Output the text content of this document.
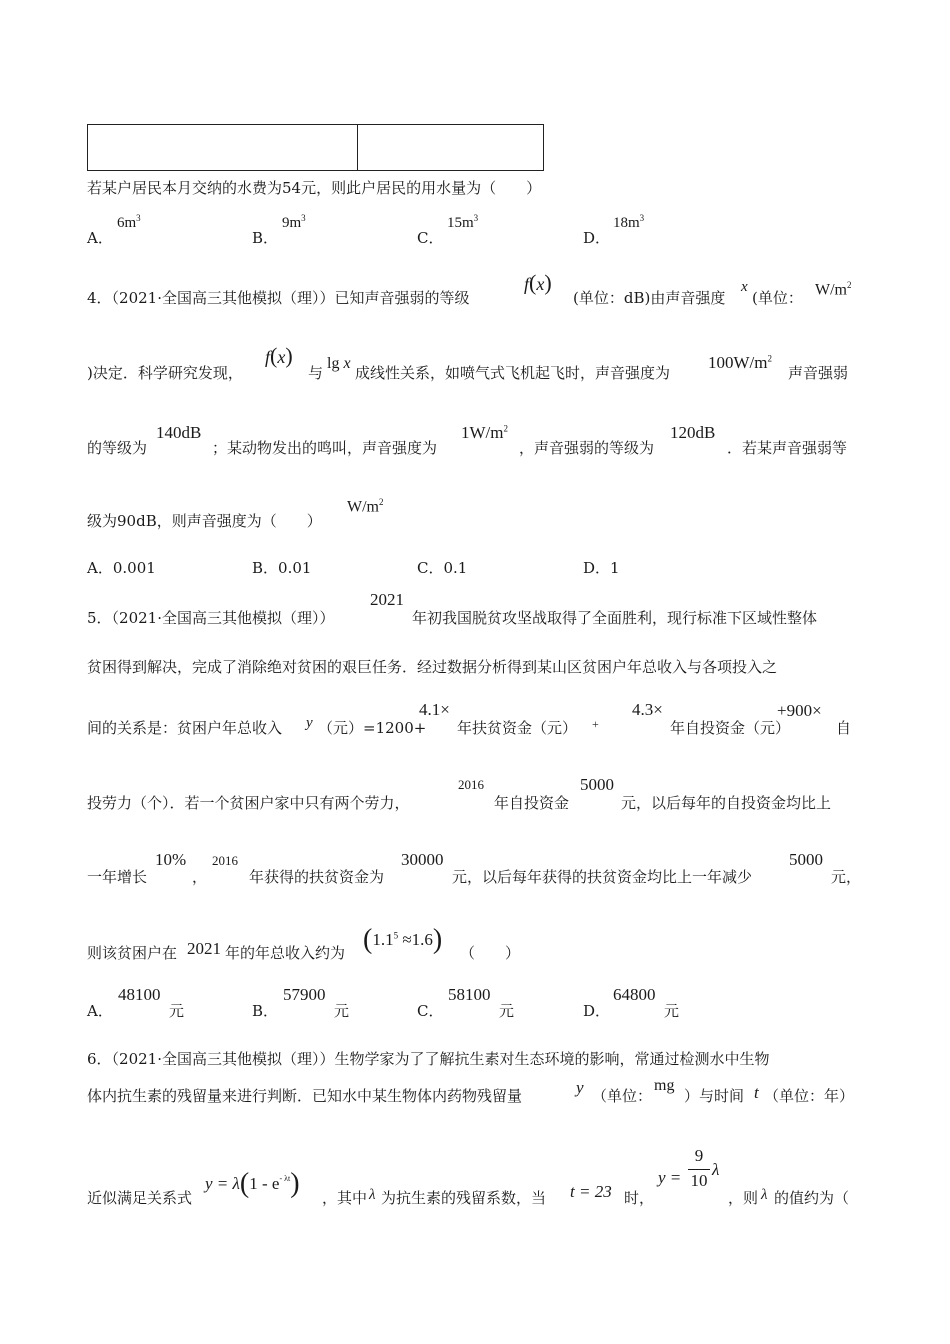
若某户居民本月交纳的水费为54元，则此户居民的用水量为（　　）
A．
$6m^3$
B．
$9m^3$
C．
$15m^3$
D．
$18m^3$
4．（2021·全国高三其他模拟（理））已知声音强弱的等级
f(x)
(单位：dB)由声音强度
x
(单位： $W/m^2$
)决定．科学研究发现，
f(x)
与
lg x
成线性关系，如喷气式飞机起飞时，声音强度为
$100W/m^2$
声音强弱
的等级为
140dB
；某动物发出的鸣叫，声音强度为
$1W/m^2$
，声音强弱的等级为
120dB
．若某声音强弱等
级为90dB，则声音强度为（　　）
$W/m^2$
A．0.001	B．0.01	C．0.1	D．1
5．（2021·全国高三其他模拟（理））
2021
年初我国脱贫攻坚战取得了全面胜利，现行标准下区域性整体
贫困得到解决，完成了消除绝对贫困的艰巨任务．经过数据分析得到某山区贫困户年总收入与各项投入之
间的关系是：贫困户年总收入 y （元）=1200+
4.1×
年扶贫资金（元） +
4.3×
年自投资金（元）
+900×
自
投劳力（个）．若一个贫困户家中只有两个劳力，
2016
年自投资金
5000
元，以后每年的自投资金均比上
一年增长
10%
，
2016
年获得的扶贫资金为
30000
元，以后每年获得的扶贫资金均比上一年减少
5000
元，
则该贫困户在 2021 年的年总收入约为 $(1.1^5 \approx 1.6)$ （　　）
A．
48100
元	B．
57900
元	C．
58100
元	D．
64800
元
6．（2021·全国高三其他模拟（理））生物学家为了了解抗生素对生态环境的影响，常通过检测水中生物
体内抗生素的残留量来进行判断．已知水中某生物体内药物残留量	y （单位：
mg
）与时间 t （单位：年）
近似满足关系式
$y = \lambda(1 - e^{- \lambda t})$ ，其中 λ 为抗生素的残留系数，当 t = 23 时，
y =
9
10
λ
，则 λ 的值约为（
